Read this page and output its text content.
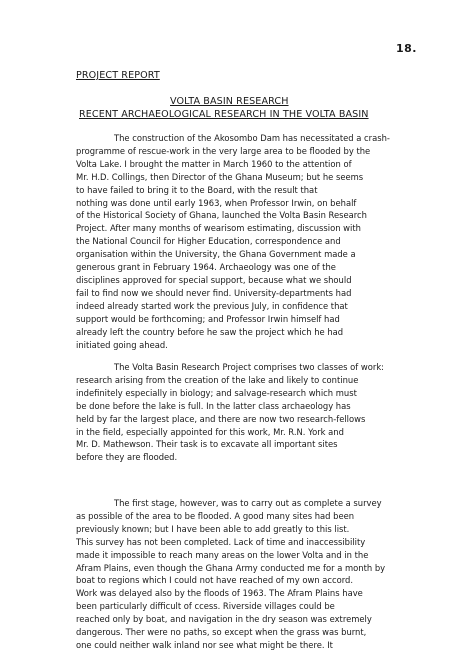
18.
PROJECT REPORT
VOLTA BASIN RESEARCH
RECENT ARCHAEOLOGICAL RESEARCH IN THE VOLTA BASIN
The construction of the Akosombo Dam has necessitated a crash-
programme of rescue-work in the very large area to be flooded by the
Volta Lake. I brought the matter in March 1960 to the attention of
Mr. H.D. Collings, then Director of the Ghana Museum; but he seems
to have failed to bring it to the Board, with the result that
nothing was done until early 1963, when Professor Irwin, on behalf
of the Historical Society of Ghana, launched the Volta Basin Research
Project. After many months of wearisom estimating, discussion with
the National Council for Higher Education, correspondence and
organisation within the University, the Ghana Government made a
generous grant in February 1964. Archaeology was one of the
disciplines approved for special support, because what we should
fail to find now we should never find. University-departments had
indeed already started work the previous July, in confidence that
support would be forthcoming; and Professor Irwin himself had
already left the country before he saw the project which he had
initiated going ahead.
The Volta Basin Research Project comprises two classes of work:
research arising from the creation of the lake and likely to continue
indefinitely especially in biology; and salvage-research which must
be done before the lake is full. In the latter class archaeology has
held by far the largest place, and there are now two research-fellows
in the field, especially appointed for this work, Mr. R.N. York and
Mr. D. Mathewson. Their task is to excavate all important sites
before they are flooded.
The first stage, however, was to carry out as complete a survey
as possible of the area to be flooded. A good many sites had been
previously known; but I have been able to add greatly to this list.
This survey has not been completed. Lack of time and inaccessibility
made it impossible to reach many areas on the lower Volta and in the
Afram Plains, even though the Ghana Army conducted me for a month by
boat to regions which I could not have reached of my own accord.
Work was delayed also by the floods of 1963. The Afram Plains have
been particularly difficult of ccess. Riverside villages could be
reached only by boat, and navigation in the dry season was extremely
dangerous. Ther were no paths, so except when the grass was burnt,
one could neither walk inland nor see what might be there. It
